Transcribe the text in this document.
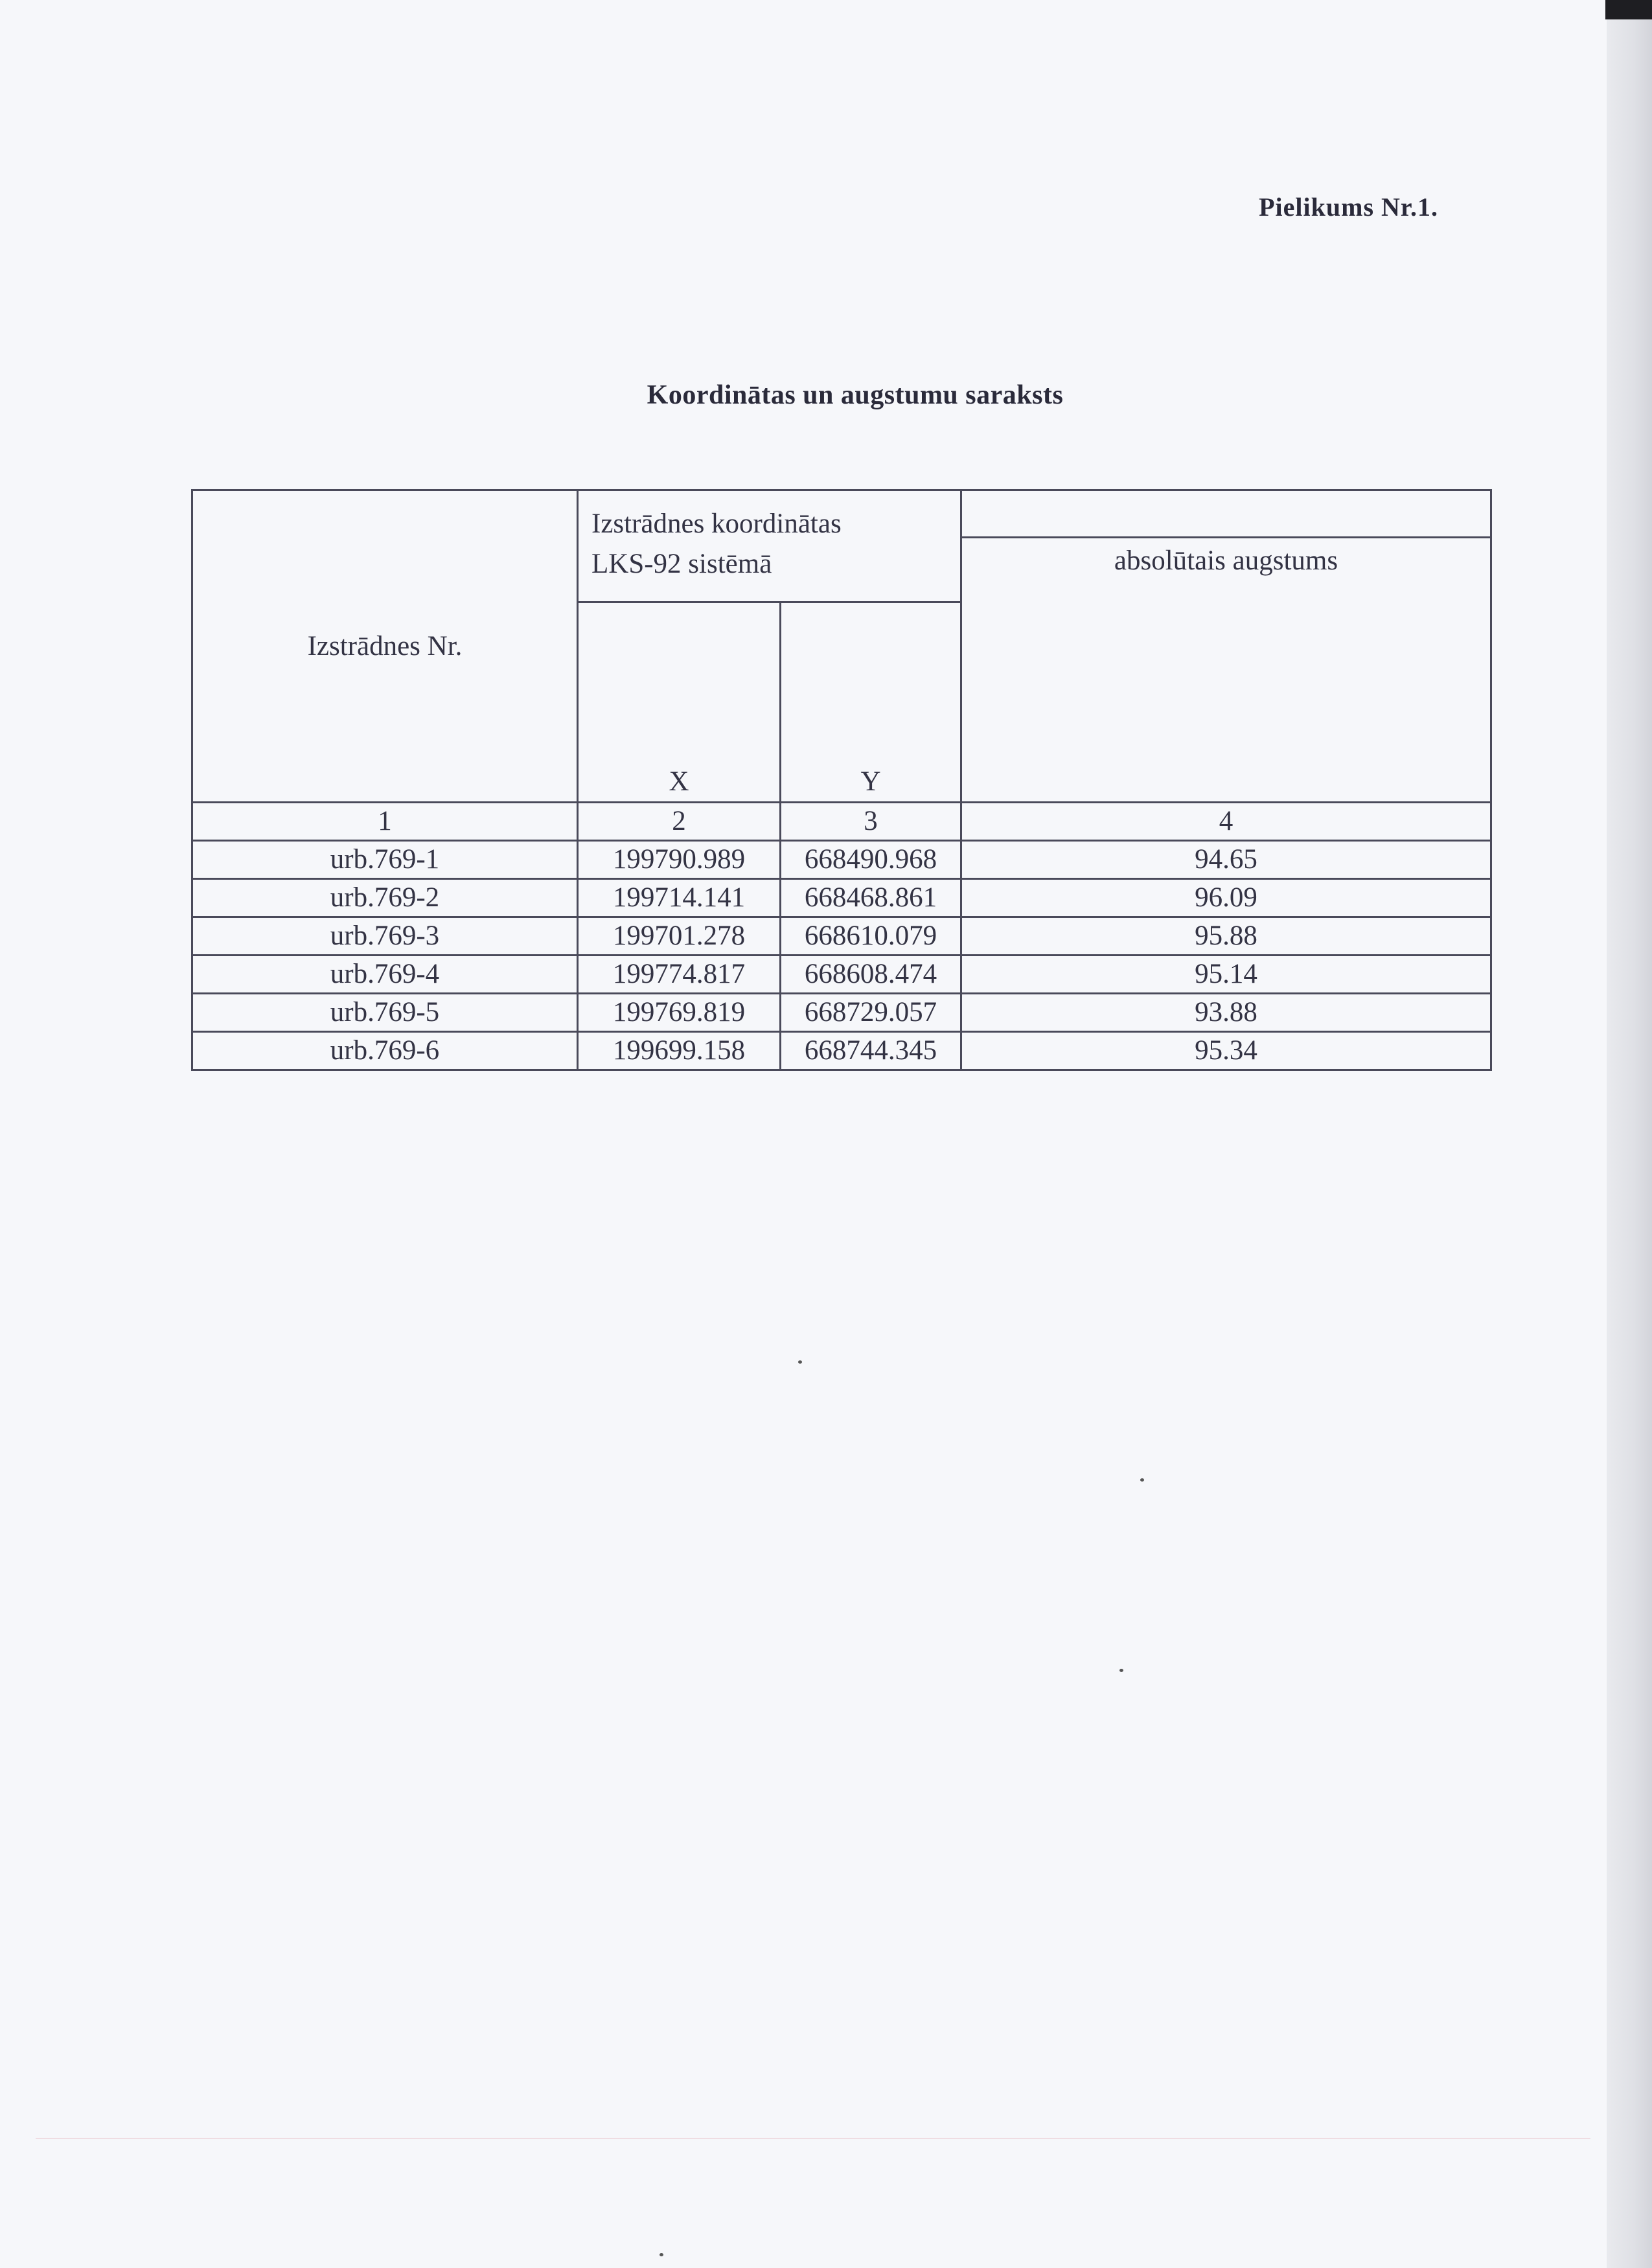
Pielikums Nr.1.
Koordinātas un augstumu saraksts
Izstrādnes Nr.	Izstrādnes koordinātas
LKS-92 sistēmā		
			absolūtais augstums
	X	Y	
1	2	3	4
urb.769-1	199790.989	668490.968	94.65
urb.769-2	199714.141	668468.861	96.09
urb.769-3	199701.278	668610.079	95.88
urb.769-4	199774.817	668608.474	95.14
urb.769-5	199769.819	668729.057	93.88
urb.769-6	199699.158	668744.345	95.34
